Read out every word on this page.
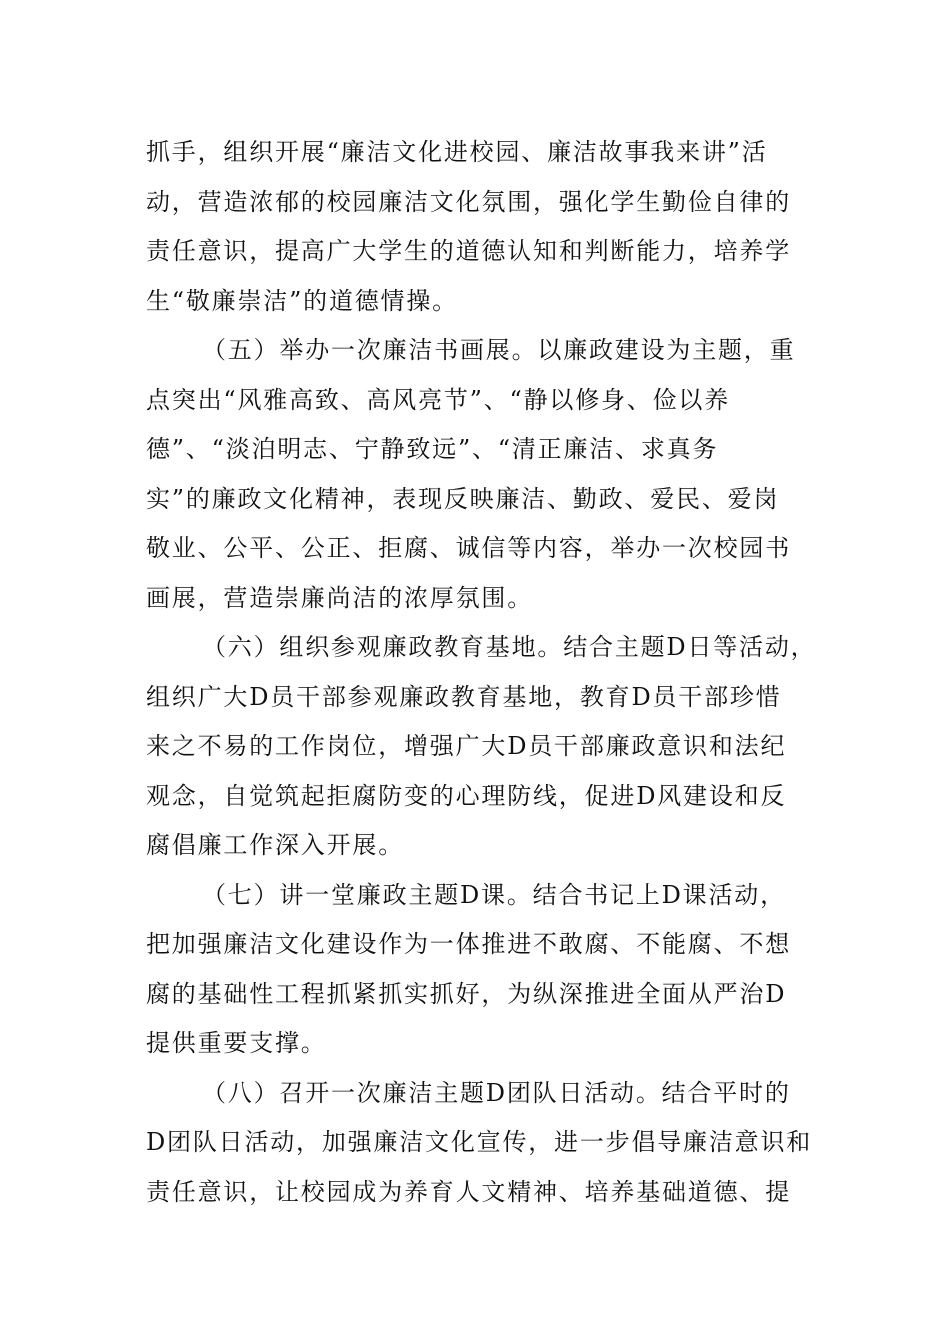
抓手，组织开展“廉洁文化进校园、廉洁故事我来讲”活
动，营造浓郁的校园廉洁文化氛围，强化学生勤俭自律的
责任意识，提高广大学生的道德认知和判断能力，培养学
生“敬廉崇洁”的道德情操。
（五）举办一次廉洁书画展。以廉政建设为主题，重
点突出“风雅高致、高风亮节”、“静以修身、俭以养
德”、“淡泊明志、宁静致远”、“清正廉洁、求真务
实”的廉政文化精神，表现反映廉洁、勤政、爱民、爱岗
敬业、公平、公正、拒腐、诚信等内容，举办一次校园书
画展，营造崇廉尚洁的浓厚氛围。
（六）组织参观廉政教育基地。结合主题D日等活动，
组织广大D员干部参观廉政教育基地，教育D员干部珍惜
来之不易的工作岗位，增强广大D员干部廉政意识和法纪
观念，自觉筑起拒腐防变的心理防线，促进D风建设和反
腐倡廉工作深入开展。
（七）讲一堂廉政主题D课。结合书记上D课活动，
把加强廉洁文化建设作为一体推进不敢腐、不能腐、不想
腐的基础性工程抓紧抓实抓好，为纵深推进全面从严治D
提供重要支撑。
（八）召开一次廉洁主题D团队日活动。结合平时的
D团队日活动，加强廉洁文化宣传，进一步倡导廉洁意识和
责任意识，让校园成为养育人文精神、培养基础道德、提
